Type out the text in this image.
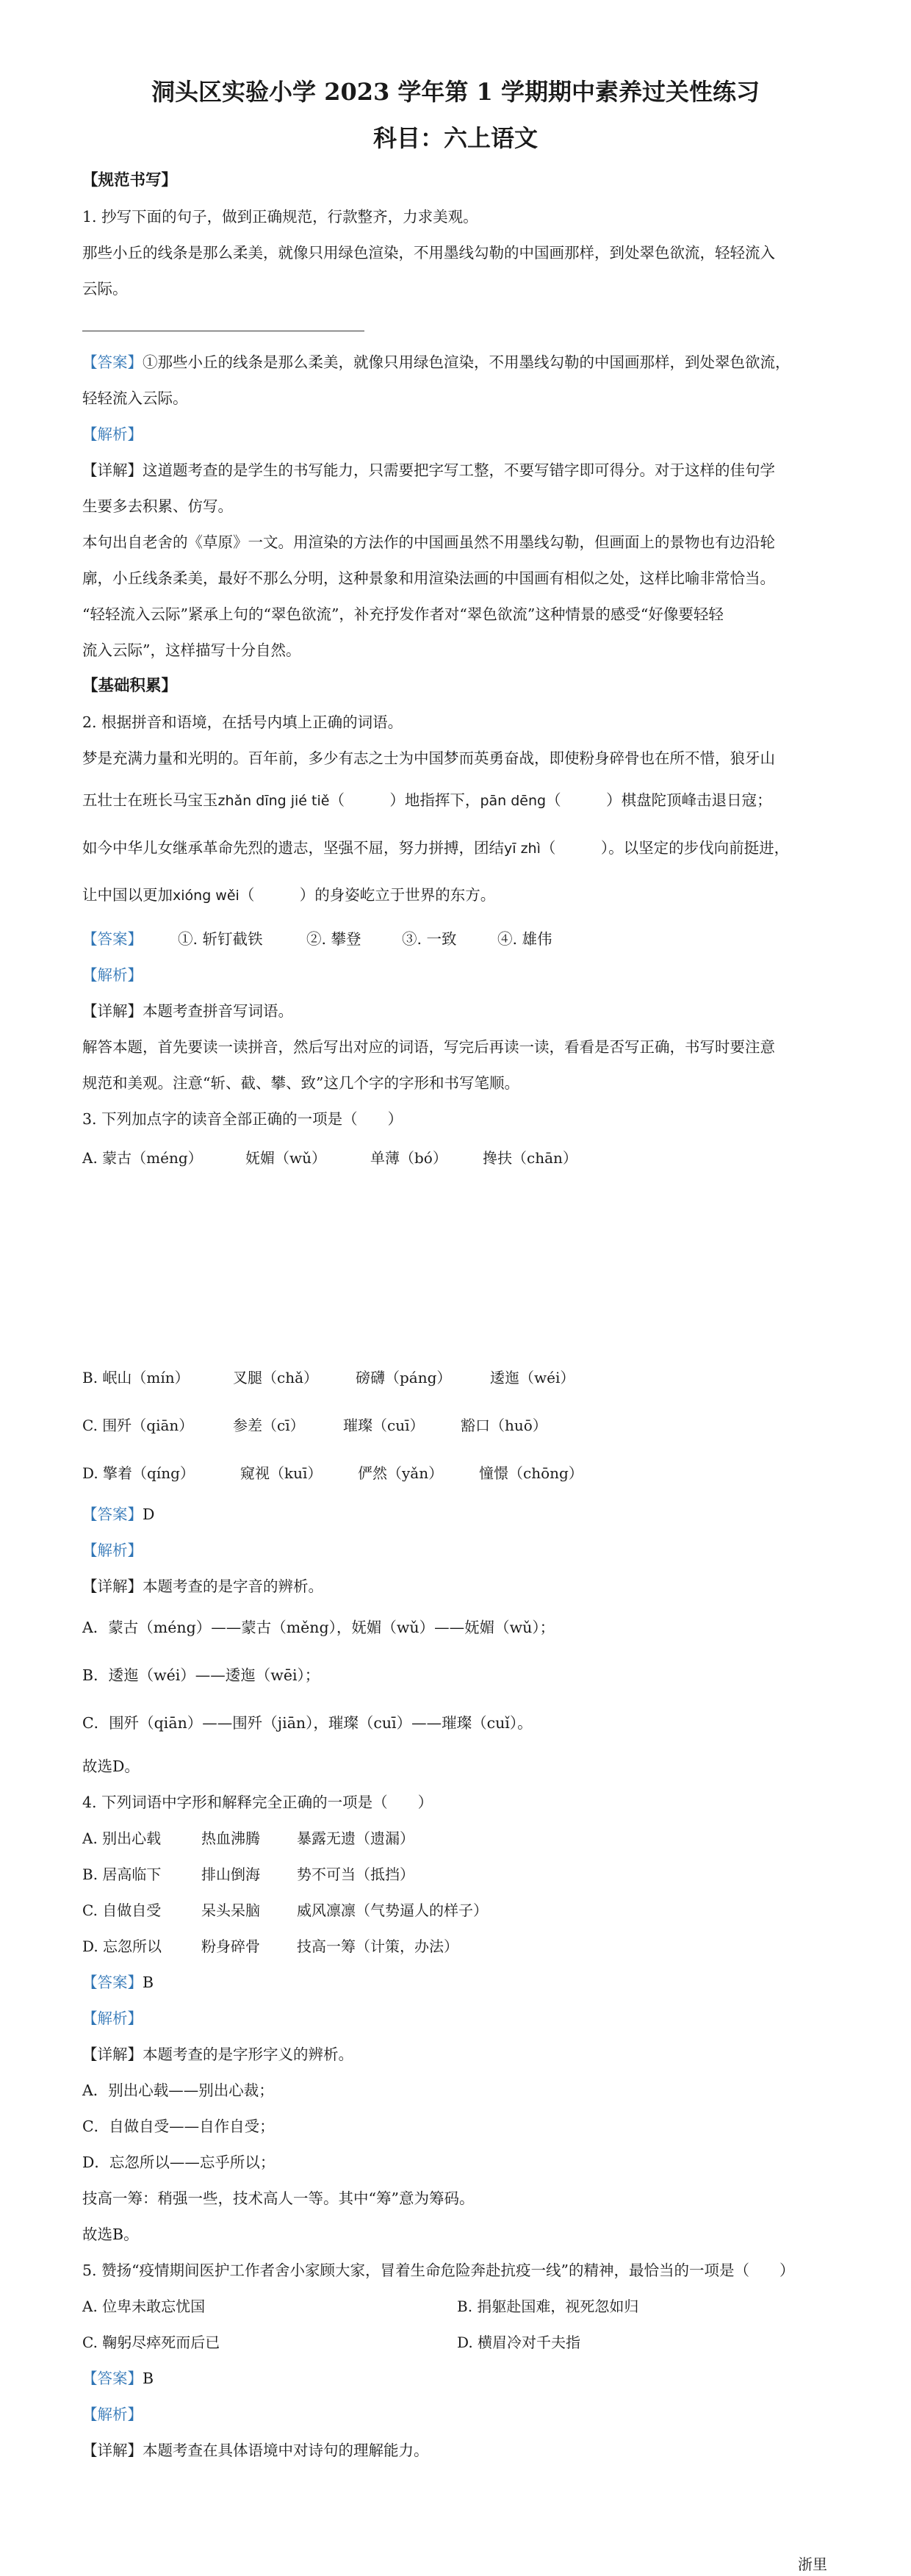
洞头区实验小学 2023 学年第 1 学期期中素养过关性练习
科目：六上语文
【规范书写】
1. 抄写下面的句子，做到正确规范，行款整齐，力求美观。
那些小丘的线条是那么柔美，就像只用绿色渲染，不用墨线勾勒的中国画那样，到处翠色欲流，轻轻流入
云际。
【答案】①那些小丘的线条是那么柔美，就像只用绿色渲染，不用墨线勾勒的中国画那样，到处翠色欲流，
轻轻流入云际。
【解析】
【详解】这道题考查的是学生的书写能力，只需要把字写工整，不要写错字即可得分。对于这样的佳句学
生要多去积累、仿写。
本句出自老舍的《草原》一文。用渲染的方法作的中国画虽然不用墨线勾勒，但画面上的景物也有边沿轮
廓，小丘线条柔美，最好不那么分明，这种景象和用渲染法画的中国画有相似之处，这样比喻非常恰当。
“轻轻流入云际”紧承上句的“翠色欲流”，补充抒发作者对“翠色欲流”这种情景的感受“好像要轻轻
流入云际”，这样描写十分自然。
【基础积累】
2. 根据拼音和语境，在括号内填上正确的词语。
梦是充满力量和光明的。百年前，多少有志之士为中国梦而英勇奋战，即使粉身碎骨也在所不惜，狼牙山
五壮士在班长马宝玉zhǎn dīng jié tiě（　　　）地指挥下，pān dēng（　　　）棋盘陀顶峰击退日寇；
如今中华儿女继承革命先烈的遗志，坚强不屈，努力拼搏，团结yī zhì（　　　）。以坚定的步伐向前挺进，
让中国以更加xióng wěi（　　　）的身姿屹立于世界的东方。
【答案】 ①. 斩钉截铁	②. 攀登	③. 一致	④. 雄伟
【解析】
【详解】本题考查拼音写词语。
解答本题，首先要读一读拼音，然后写出对应的词语，写完后再读一读，看看是否写正确，书写时要注意
规范和美观。注意“斩、截、攀、致”这几个字的字形和书写笔顺。
3. 下列加点字的读音全部正确的一项是（　　）
A. 蒙古（méng）	妩媚（wǔ）	单薄（bó） 搀扶（chān）
B. 岷山（mín）	叉腿（chǎ）	磅礴（páng）	逶迤（wéi）
C. 围歼（qiān）	参差（cī）	璀璨（cuī） 豁口（huō）
D. 擎着（qíng）	窥视（kuī） 俨然（yǎn） 憧憬（chōng）
【答案】D
【解析】
【详解】本题考查的是字音的辨析。
A．蒙古（méng）——蒙古（měng），妩媚（wǔ）——妩媚（wǔ）；
B．逶迤（wéi）——逶迤（wēi）；
C．围歼（qiān）——围歼（jiān），璀璨（cuī）——璀璨（cuǐ）。
故选D。
4. 下列词语中字形和解释完全正确的一项是（　　）
A. 别出心载	热血沸腾	暴露无遗（遗漏）
B. 居高临下	排山倒海	势不可当（抵挡）
C. 自做自受	呆头呆脑	威风凛凛（气势逼人的样子）
D. 忘忽所以	粉身碎骨	技高一筹（计策，办法）
【答案】B
【解析】
【详解】本题考查的是字形字义的辨析。
A．别出心载——别出心裁；
C．自做自受——自作自受；
D．忘忽所以——忘乎所以；
技高一筹：稍强一些，技术高人一等。其中“筹”意为筹码。
故选B。
5. 赞扬“疫情期间医护工作者舍小家顾大家，冒着生命危险奔赴抗疫一线”的精神，最恰当的一项是（　　）
A. 位卑未敢忘忧国	B. 捐躯赴国难，视死忽如归
C. 鞠躬尽瘁死而后已	D. 横眉冷对千夫指
【答案】B
【解析】
【详解】本题考查在具体语境中对诗句的理解能力。
浙里
